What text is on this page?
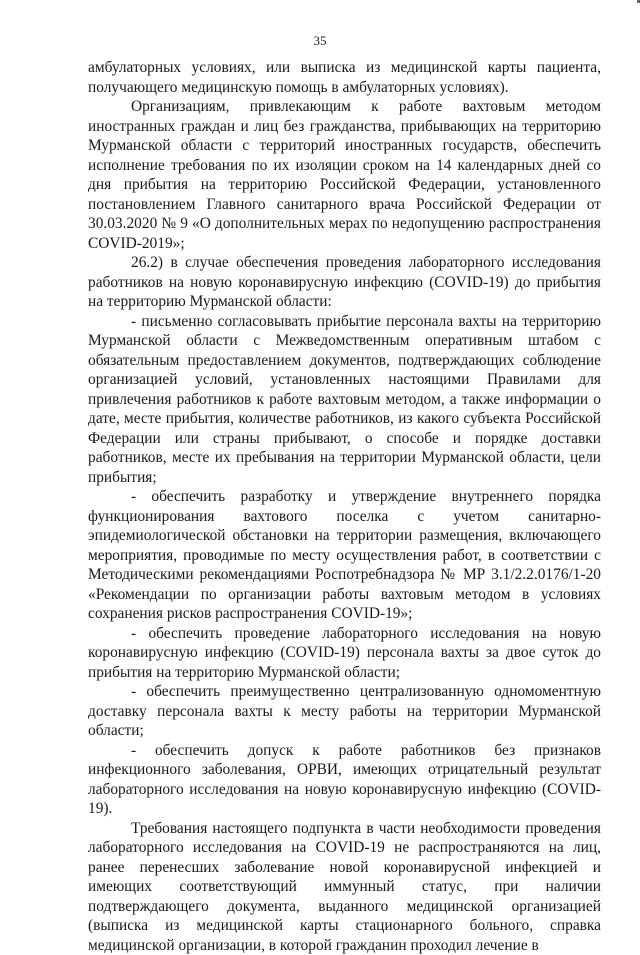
35

амбулаторных условиях, или выписка из медицинской карты пациента, получающего медицинскую помощь в амбулаторных условиях).

Организациям, привлекающим к работе вахтовым методом иностранных граждан и лиц без гражданства, прибывающих на территорию Мурманской области с территорий иностранных государств, обеспечить исполнение требования по их изоляции сроком на 14 календарных дней со дня прибытия на территорию Российской Федерации, установленного постановлением Главного санитарного врача Российской Федерации от 30.03.2020 № 9 «О дополнительных мерах по недопущению распространения COVID-2019»;

26.2) в случае обеспечения проведения лабораторного исследования работников на новую коронавирусную инфекцию (COVID-19) до прибытия на территорию Мурманской области:

- письменно согласовывать прибытие персонала вахты на территорию Мурманской области с Межведомственным оперативным штабом с обязательным предоставлением документов, подтверждающих соблюдение организацией условий, установленных настоящими Правилами для привлечения работников к работе вахтовым методом, а также информации о дате, месте прибытия, количестве работников, из какого субъекта Российской Федерации или страны прибывают, о способе и порядке доставки работников, месте их пребывания на территории Мурманской области, цели прибытия;

- обеспечить разработку и утверждение внутреннего порядка функционирования вахтового поселка с учетом санитарно-эпидемиологической обстановки на территории размещения, включающего мероприятия, проводимые по месту осуществления работ, в соответствии с Методическими рекомендациями Роспотребнадзора № МР 3.1/2.2.0176/1-20 «Рекомендации по организации работы вахтовым методом в условиях сохранения рисков распространения COVID-19»;

- обеспечить проведение лабораторного исследования на новую коронавирусную инфекцию (COVID-19) персонала вахты за двое суток до прибытия на территорию Мурманской области;

- обеспечить преимущественно централизованную одномоментную доставку персонала вахты к месту работы на территории Мурманской области;

- обеспечить допуск к работе работников без признаков инфекционного заболевания, ОРВИ, имеющих отрицательный результат лабораторного исследования на новую коронавирусную инфекцию (COVID-19).

Требования настоящего подпункта в части необходимости проведения лабораторного исследования на COVID-19 не распространяются на лиц, ранее перенесших заболевание новой коронавирусной инфекцией и имеющих соответствующий иммунный статус, при наличии подтверждающего документа, выданного медицинской организацией (выписка из медицинской карты стационарного больного, справка медицинской организации, в которой гражданин проходил лечение в
